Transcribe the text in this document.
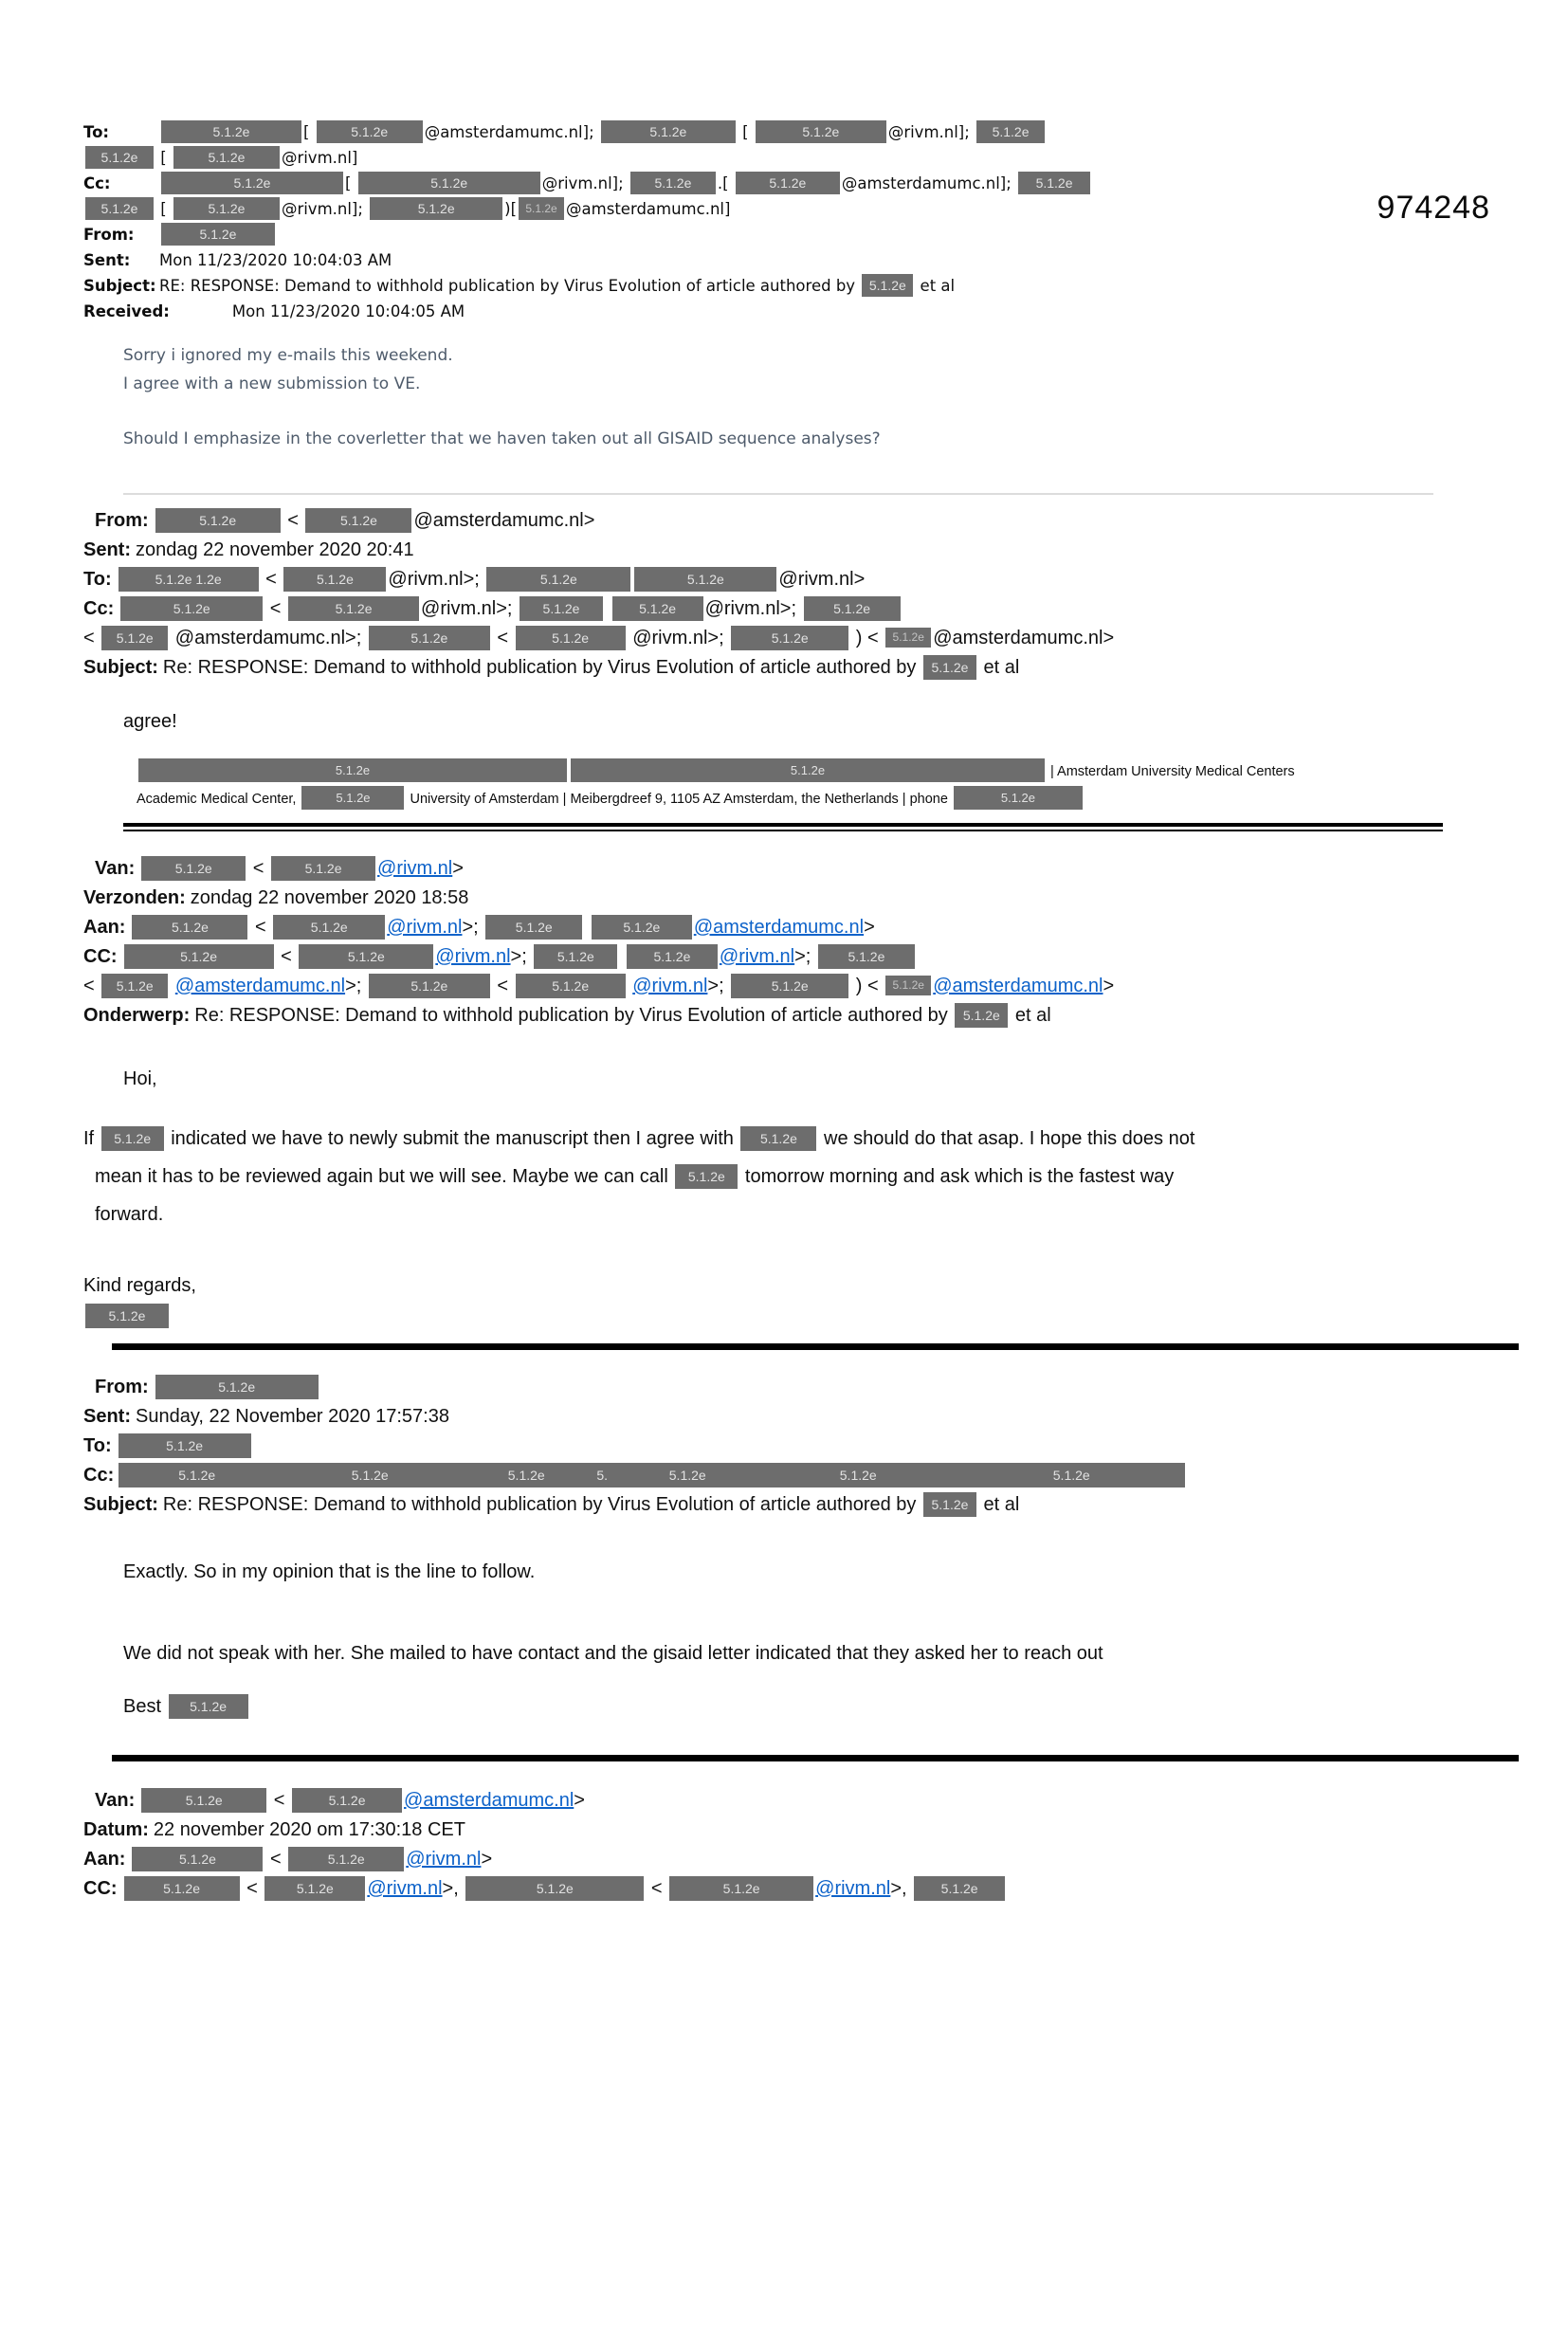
974248
To:	5.1.2e	[	5.1.2e @amsterdamumc.nl];	5.1.2e	[	5.1.2e	@rivm.nl]; 5.1.2e
5.1.2e [	5.1.2e @rivm.nl]
Cc:	5.1.2e	[	5.1.2e	@rivm.nl]; 5.1.2e .[	5.1.2e @amsterdamumc.nl]; 5.1.2e
5.1.2e [	5.1.2e @rivm.nl];	5.1.2e	)[ 5.1.2e @amsterdamumc.nl]
From:	5.1.2e
Sent: Mon 11/23/2020 10:04:03 AM
Subject: RE: RESPONSE: Demand to withhold publication by Virus Evolution of article authored by 5.1.2e et al
Received:	Mon 11/23/2020 10:04:05 AM
Sorry i ignored my e-mails this weekend.
I agree with a new submission to VE.
Should I emphasize in the coverletter that we haven taken out all GISAID sequence analyses?
From:	5.1.2e <	5.1.2e @amsterdamumc.nl>
Sent: zondag 22 november 2020 20:41
To:	5.1.2e 1.2e <	5.1.2e @rivm.nl>;	5.1.2e	5.1.2e	@rivm.nl>
Cc:	5.1.2e	<	5.1.2e	@rivm.nl>; 5.1.2e	5.1.2e @rivm.nl>; 5.1.2e
< 5.1.2e @amsterdamumc.nl>;	5.1.2e <	5.1.2e @rivm.nl>;	5.1.2e ) < 5.1.2e @amsterdamumc.nl>
Subject: Re: RESPONSE: Demand to withhold publication by Virus Evolution of article authored by 5.1.2e et al
agree!
5.1.2e	5.1.2e	| Amsterdam University Medical Centers
Academic Medical Center,	5.1.2e	University of Amsterdam | Meibergdreef 9, 1105 AZ Amsterdam, the Netherlands | phone	5.1.2e
Van:	5.1.2e <	5.1.2e @rivm.nl>
Verzonden: zondag 22 november 2020 18:58
Aan:	5.1.2e <	5.1.2e @rivm.nl>; 5.1.2e	5.1.2e @amsterdamumc.nl>
CC:	5.1.2e	<	5.1.2e	@rivm.nl>; 5.1.2e	5.1.2e @rivm.nl>; 5.1.2e
< 5.1.2e @amsterdamumc.nl>;	5.1.2e <	5.1.2e @rivm.nl>;	5.1.2e ) < 5.1.2e @amsterdamumc.nl>
Onderwerp: Re: RESPONSE: Demand to withhold publication by Virus Evolution of article authored by 5.1.2e et al
Hoi,
If 5.1.2e indicated we have to newly submit the manuscript then I agree with 5.1.2e we should do that asap. I hope this does not
mean it has to be reviewed again but we will see. Maybe we can call 5.1.2e tomorrow morning and ask which is the fastest way
forward.
Kind regards,
5.1.2e
From:	5.1.2e
Sent: Sunday, 22 November 2020 17:57:38
To:	5.1.2e
Cc:	5.1.2e	5.1.2e	5.1.2e	5.	5.1.2e	5.1.2e	5.1.2e
Subject: Re: RESPONSE: Demand to withhold publication by Virus Evolution of article authored by 5.1.2e et al
Exactly. So in my opinion that is the line to follow.
We did not speak with her. She mailed to have contact and the gisaid letter indicated that they asked her to reach out
Best 5.1.2e
Van:	5.1.2e <	5.1.2e @amsterdamumc.nl>
Datum: 22 november 2020 om 17:30:18 CET
Aan:	5.1.2e	<	5.1.2e @rivm.nl>
CC:	5.1.2e <	5.1.2e @rivm.nl>,	5.1.2e	<	5.1.2e	@rivm.nl>, 5.1.2e
